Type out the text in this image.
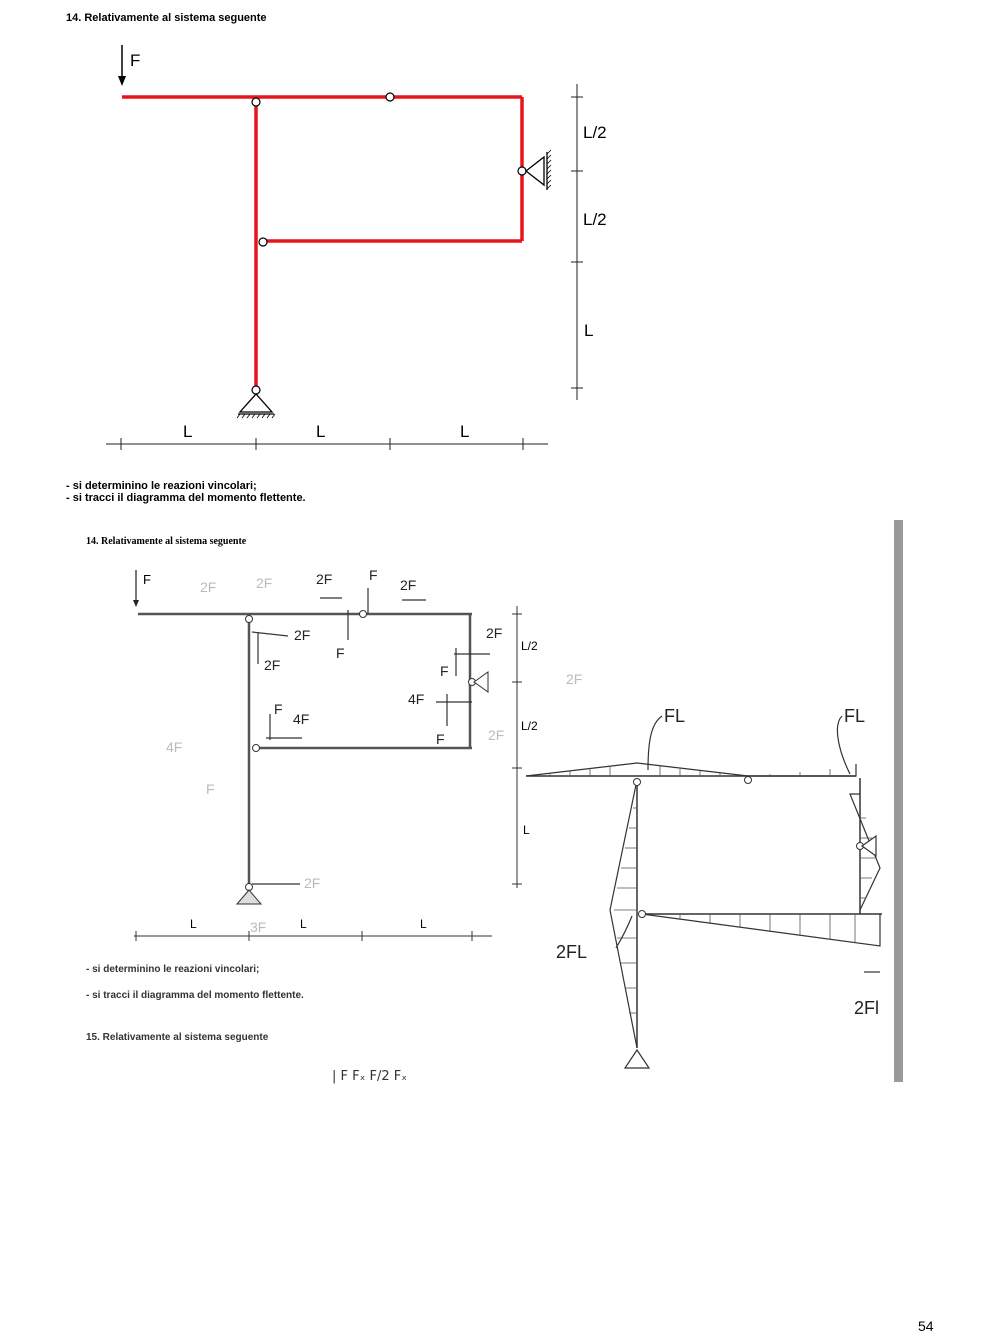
14. Relativamente al sistema seguente
F
L/2
L/2
L
L	L	L
- si determinino le reazioni vincolari;
- si tracci il diagramma del momento flettente.
14. Relativamente al sistema seguente
F	2F	2F	2F	F
2F
F
2F
2F
2F
F	2F
4F
F	2F
F
4F
4F
F
2F
3F
L/2
L/2
L
L	L	L
- si determinino le reazioni vincolari;
- si tracci il diagramma del momento flettente.
15. Relativamente al sistema seguente
| F Fₓ F/2 Fₓ
FL	FL
2FL
2Fl
54
